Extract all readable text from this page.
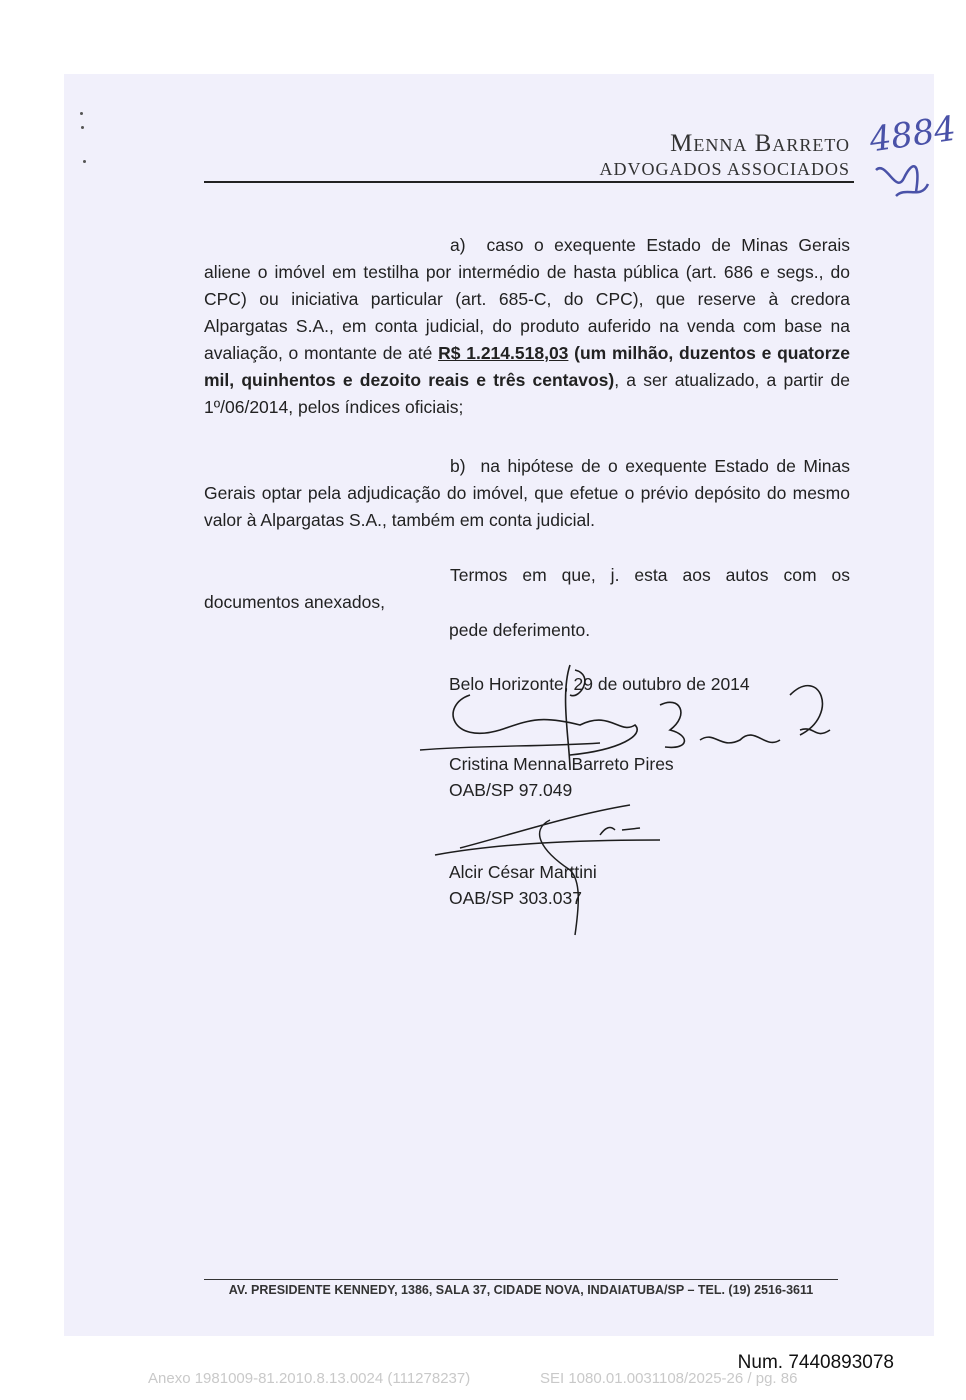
Menna Barreto
ADVOGADOS ASSOCIADOS
4884
a) caso o exequente Estado de Minas Gerais aliene o imóvel em testilha por intermédio de hasta pública (art. 686 e segs., do CPC) ou iniciativa particular (art. 685-C, do CPC), que reserve à credora Alpargatas S.A., em conta judicial, do produto auferido na venda com base na avaliação, o montante de até R$ 1.214.518,03 (um milhão, duzentos e quatorze mil, quinhentos e dezoito reais e três centavos), a ser atualizado, a partir de 1º/06/2014, pelos índices oficiais;
b) na hipótese de o exequente Estado de Minas Gerais optar pela adjudicação do imóvel, que efetue o prévio depósito do mesmo valor à Alpargatas S.A., também em conta judicial.
Termos em que, j. esta aos autos com os
documentos anexados,
pede deferimento.
Belo Horizonte, 29 de outubro de 2014
Cristina Menna Barreto Pires
OAB/SP 97.049
Alcir César Marttini
OAB/SP 303.037
AV. PRESIDENTE KENNEDY, 1386, SALA 37, CIDADE NOVA, INDAIATUBA/SP – TEL. (19) 2516-3611
Num. 7440893078
Anexo 1981009-81.2010.8.13.0024 (111278237)	SEI 1080.01.0031108/2025-26 / pg. 86
